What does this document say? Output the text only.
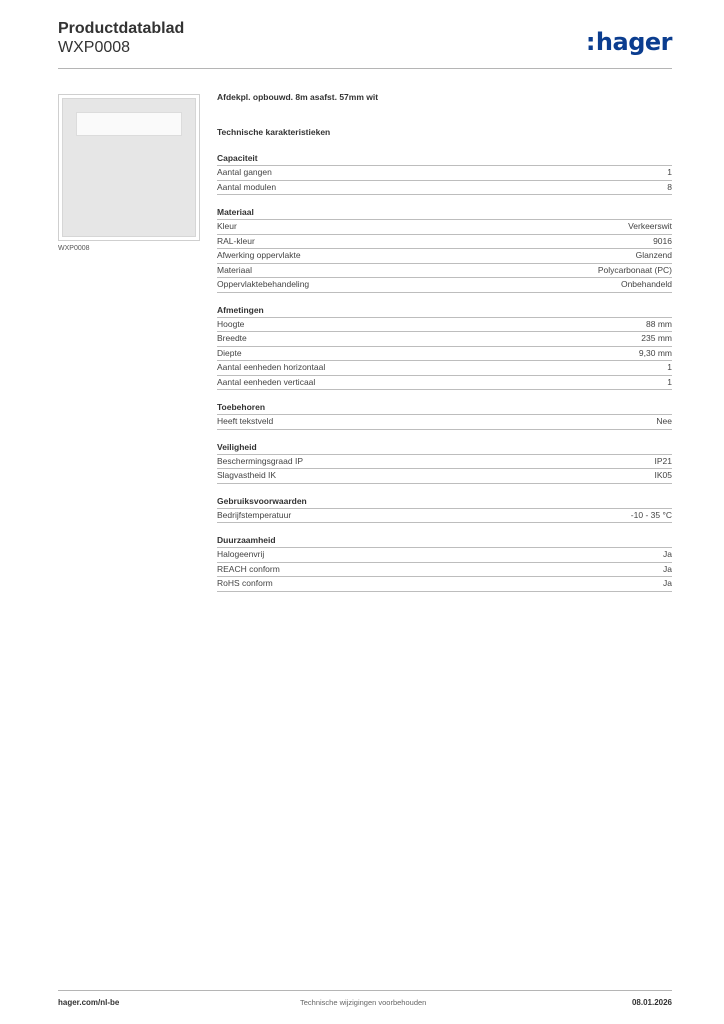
Productdatablad
WXP0008	:hager
WXP0008
Afdekpl. opbouwd. 8m asafst. 57mm wit
Technische karakteristieken
Capaciteit
Aantal gangen	1
Aantal modulen	8
Materiaal
Kleur	Verkeerswit
RAL-kleur	9016
Afwerking oppervlakte	Glanzend
Materiaal	Polycarbonaat (PC)
Oppervlaktebehandeling	Onbehandeld
Afmetingen
Hoogte	88 mm
Breedte	235 mm
Diepte	9,30 mm
Aantal eenheden horizontaal	1
Aantal eenheden verticaal	1
Toebehoren
Heeft tekstveld	Nee
Veiligheid
Beschermingsgraad IP	IP21
Slagvastheid IK	IK05
Gebruiksvoorwaarden
Bedrijfstemperatuur	-10 - 35 °C
Duurzaamheid
Halogeenvrij	Ja
REACH conform	Ja
RoHS conform	Ja
hager.com/nl-be	Technische wijzigingen voorbehouden	08.01.2026
